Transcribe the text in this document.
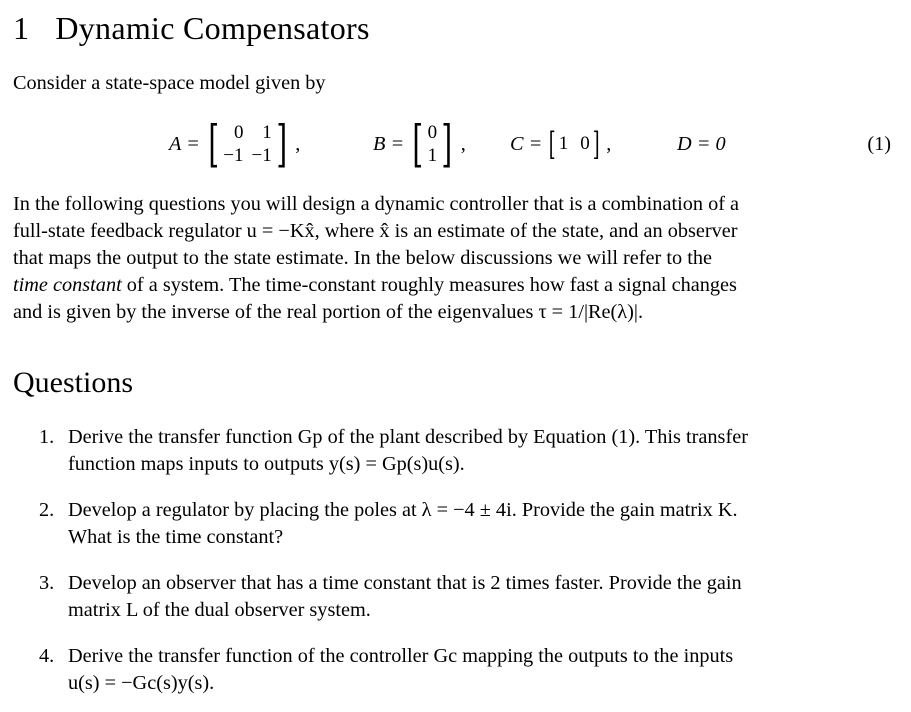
1 Dynamic Compensators
Consider a state-space model given by
A = [ 0 1
−1 −1 ] ,	B = [ 0
1 ] , C = [ 1 0 ] ,	D = 0	(1)
In the following questions you will design a dynamic controller that is a combination of a
full-state feedback regulator u = −Kx̂, where x̂ is an estimate of the state, and an observer
that maps the output to the state estimate. In the below discussions we will refer to the
time constant of a system. The time-constant roughly measures how fast a signal changes
and is given by the inverse of the real portion of the eigenvalues τ = 1/|Re(λ)|.
Questions
1. Derive the transfer function Gp of the plant described by Equation (1). This transfer
function maps inputs to outputs y(s) = Gp(s)u(s).
2. Develop a regulator by placing the poles at λ = −4 ± 4i. Provide the gain matrix K.
What is the time constant?
3. Develop an observer that has a time constant that is 2 times faster. Provide the gain
matrix L of the dual observer system.
4. Derive the transfer function of the controller Gc mapping the outputs to the inputs
u(s) = −Gc(s)y(s).
